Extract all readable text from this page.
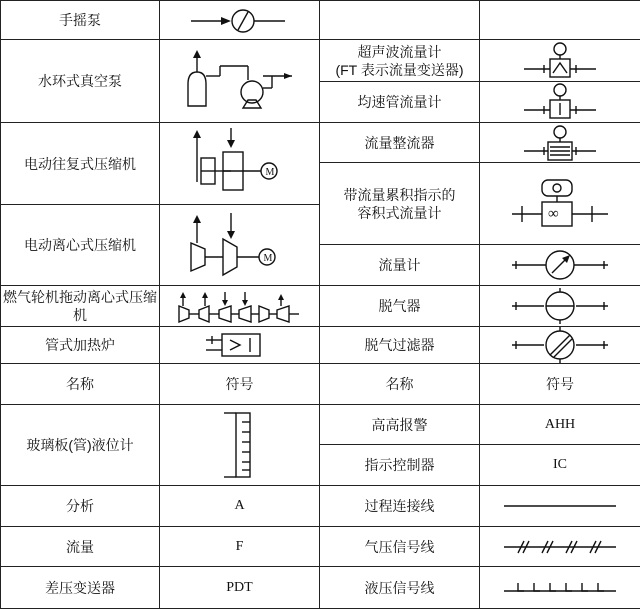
手摇泵	

水环式真空泵		超声波流量计
(FT 表示流量变送器)

		均速管流量计	

电动往复式压缩机	M	流量整流器	

		带流量累积指示的
容积式流量计	∞

电动离心式压缩机	M		

		流量计	

燃气轮机拖动离心式压缩机		脱气器	

管式加热炉		脱气过滤器	

名称	符号	名称	符号
玻璃板(管)液位计		高高报警	AHH
		指示控制器	IC
分析	A	过程连接线	

流量	F	气压信号线	

差压变送器	PDT	液压信号线	
